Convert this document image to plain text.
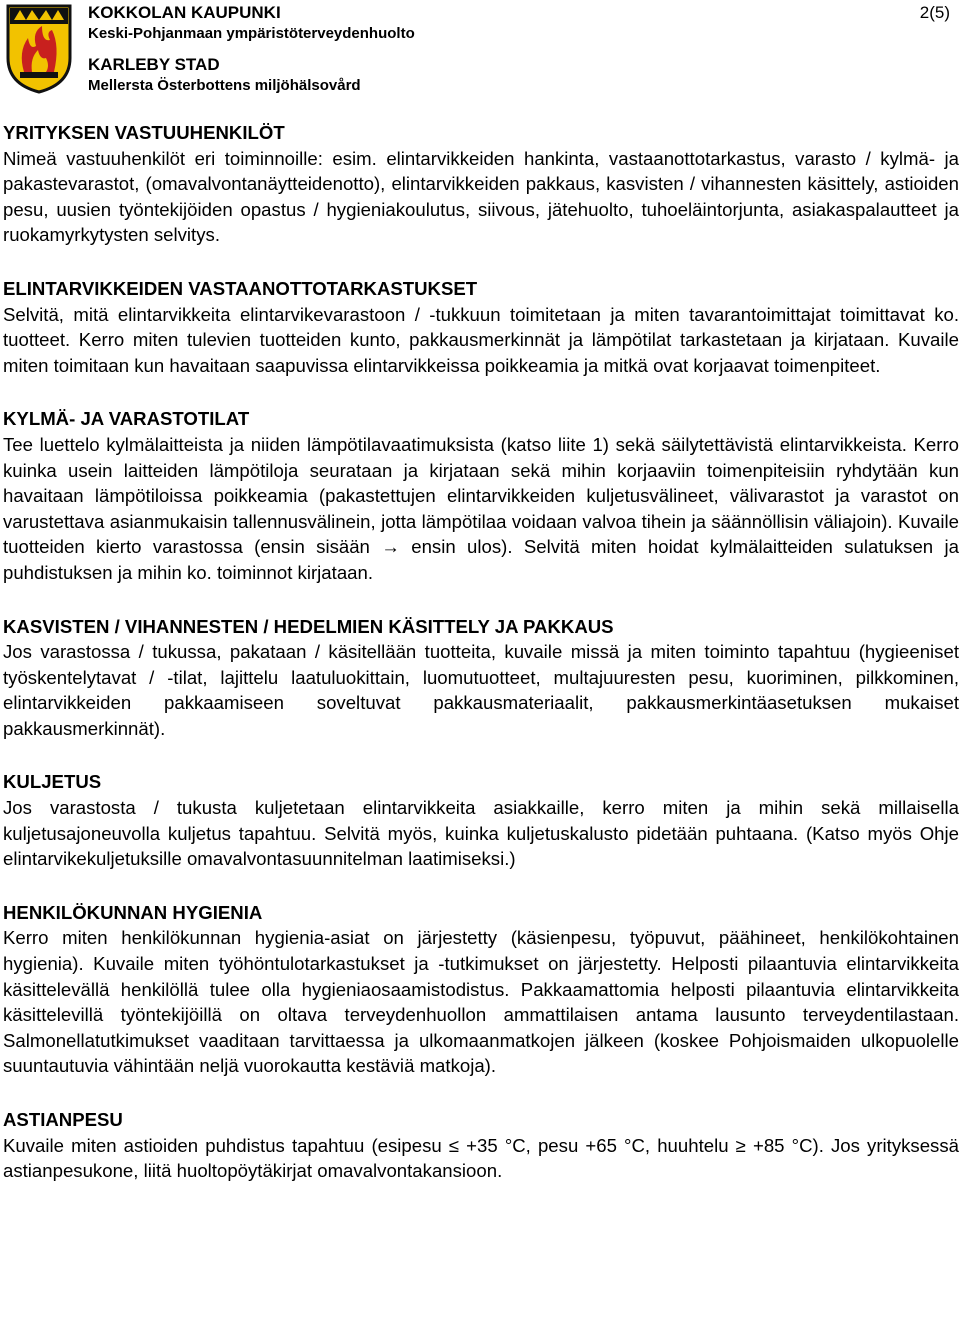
KOKKOLAN KAUPUNKI
Keski-Pohjanmaan ympäristöterveydenhuolto
KARLEBY STAD
Mellersta Österbottens miljöhälsovård
2(5)
YRITYKSEN VASTUUHENKILÖT

Nimeä vastuuhenkilöt eri toiminnoille: esim. elintarvikkeiden hankinta, vastaanottotarkastus, varasto / kylmä- ja pakastevarastot, (omavalvontanäytteidenotto), elintarvikkeiden pakkaus, kasvisten / vihannesten käsittely, astioiden pesu, uusien työntekijöiden opastus / hygieniakoulutus, siivous, jätehuolto, tuhoeläintorjunta, asiakaspalautteet ja ruokamyrkytysten selvitys.

ELINTARVIKKEIDEN VASTAANOTTOTARKASTUKSET

Selvitä, mitä elintarvikkeita elintarvikevarastoon / -tukkuun toimitetaan ja miten tavarantoimittajat toimittavat ko. tuotteet. Kerro miten tulevien tuotteiden kunto, pakkausmerkinnät ja lämpötilat tarkastetaan ja kirjataan. Kuvaile miten toimitaan kun havaitaan saapuvissa elintarvikkeissa poikkeamia ja mitkä ovat korjaavat toimenpiteet.

KYLMÄ- JA VARASTOTILAT

Tee luettelo kylmälaitteista ja niiden lämpötilavaatimuksista (katso liite 1) sekä säilytettävistä elintarvikkeista. Kerro kuinka usein laitteiden lämpötiloja seurataan ja kirjataan sekä mihin korjaaviin toimenpiteisiin ryhdytään kun havaitaan lämpötiloissa poikkeamia (pakastettujen elintarvikkeiden kuljetusvälineet, välivarastot ja varastot on varustettava asianmukaisin tallennusvälinein, jotta lämpötilaa voidaan valvoa tihein ja säännöllisin väliajoin). Kuvaile tuotteiden kierto varastossa (ensin sisään → ensin ulos). Selvitä miten hoidat kylmälaitteiden sulatuksen ja puhdistuksen ja mihin ko. toiminnot kirjataan.

KASVISTEN / VIHANNESTEN / HEDELMIEN KÄSITTELY JA PAKKAUS

Jos varastossa / tukussa, pakataan / käsitellään tuotteita, kuvaile missä ja miten toiminto tapahtuu (hygieeniset työskentelytavat / -tilat, lajittelu laatuluokittain, luomutuotteet, multajuuresten pesu, kuoriminen, pilkkominen, elintarvikkeiden pakkaamiseen soveltuvat pakkausmateriaalit, pakkausmerkintäasetuksen mukaiset pakkausmerkinnät).

KULJETUS

Jos varastosta / tukusta kuljetetaan elintarvikkeita asiakkaille, kerro miten ja mihin sekä millaisella kuljetusajoneuvolla kuljetus tapahtuu. Selvitä myös, kuinka kuljetuskalusto pidetään puhtaana. (Katso myös Ohje elintarvikekuljetuksille omavalvontasuunnitelman laatimiseksi.)

HENKILÖKUNNAN HYGIENIA

Kerro miten henkilökunnan hygienia-asiat on järjestetty (käsienpesu, työpuvut, päähineet, henkilökohtainen hygienia). Kuvaile miten työhöntulotarkastukset ja -tutkimukset on järjestetty. Helposti pilaantuvia elintarvikkeita käsittelevällä henkilöllä tulee olla hygieniaosaamistodistus. Pakkaamattomia helposti pilaantuvia elintarvikkeita käsittelevillä työntekijöillä on oltava terveydenhuollon ammattilaisen antama lausunto terveydentilastaan. Salmonellatutkimukset vaaditaan tarvittaessa ja ulkomaanmatkojen jälkeen (koskee Pohjoismaiden ulkopuolelle suuntautuvia vähintään neljä vuorokautta kestäviä matkoja).

ASTIANPESU

Kuvaile miten astioiden puhdistus tapahtuu (esipesu ≤ +35 °C, pesu +65 °C, huuhtelu ≥ +85 °C). Jos yrityksessä astianpesukone, liitä huoltopöytäkirjat omavalvontakansioon.
